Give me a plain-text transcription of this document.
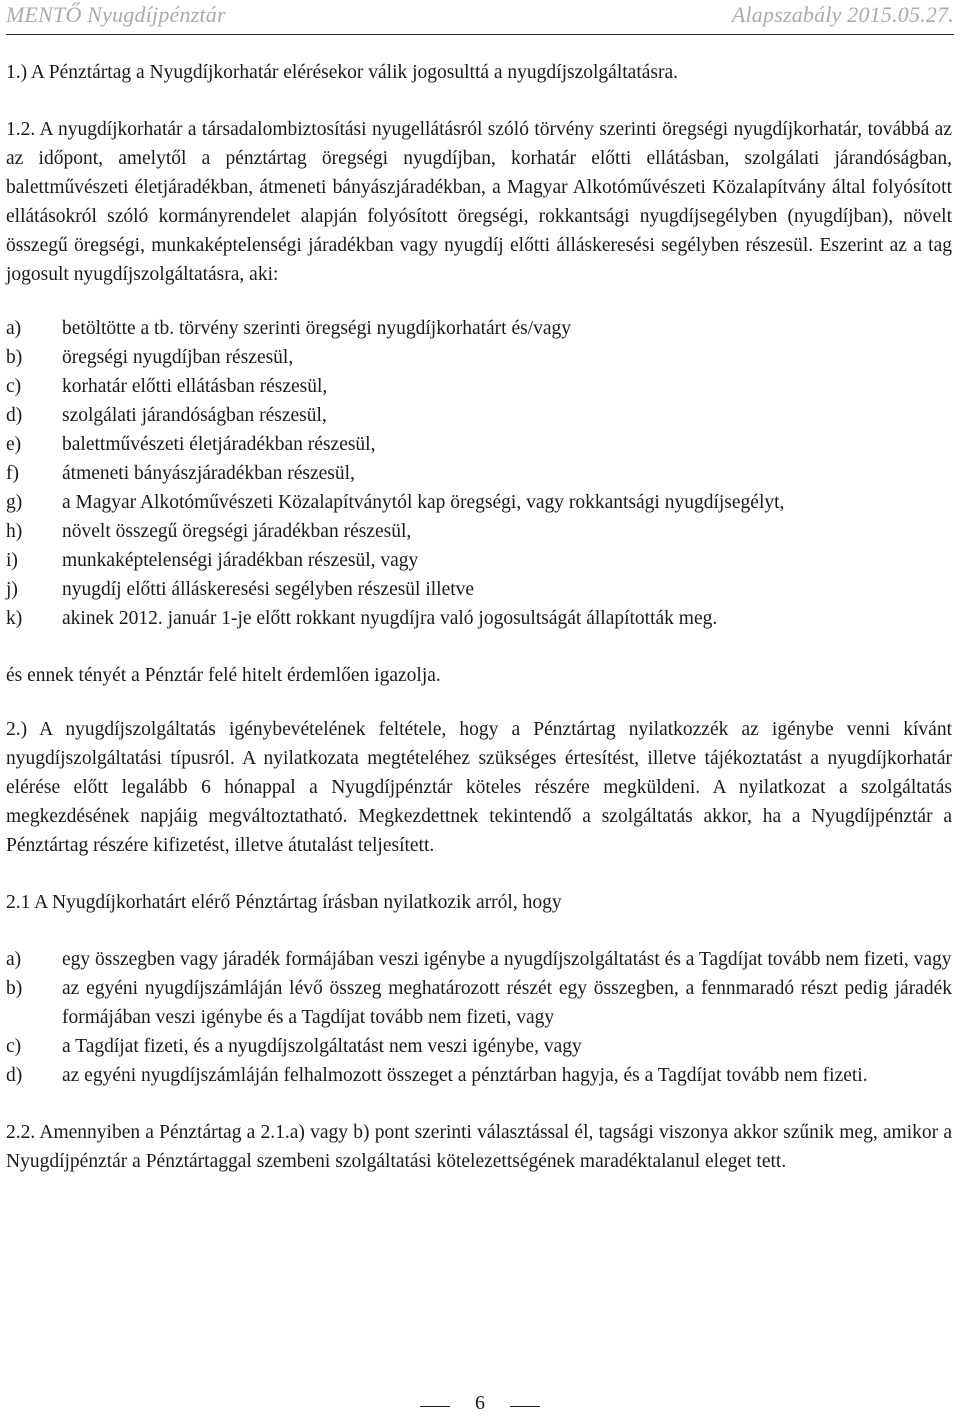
MENTŐ Nyugdíjpénztár	Alapszabály 2015.05.27.

1.) A Pénztártag a Nyugdíjkorhatár elérésekor válik jogosulttá a nyugdíjszolgáltatásra.

1.2. A nyugdíjkorhatár a társadalombiztosítási nyugellátásról szóló törvény szerinti öregségi nyugdíjkorhatár, továbbá az az időpont, amelytől a pénztártag öregségi nyugdíjban, korhatár előtti ellátásban, szolgálati járandóságban, balettművészeti életjáradékban, átmeneti bányászjáradékban, a Magyar Alkotóművészeti Közalapítvány által folyósított ellátásokról szóló kormányrendelet alapján folyósított öregségi, rokkantsági nyugdíjsegélyben (nyugdíjban), növelt összegű öregségi, munkaképtelenségi járadékban vagy nyugdíj előtti álláskeresési segélyben részesül. Eszerint az a tag jogosult nyugdíjszolgáltatásra, aki:

a)	betöltötte a tb. törvény szerinti öregségi nyugdíjkorhatárt és/vagy
b)	öregségi nyugdíjban részesül,
c)	korhatár előtti ellátásban részesül,
d)	szolgálati járandóságban részesül,
e)	balettművészeti életjáradékban részesül,
f)	átmeneti bányászjáradékban részesül,
g)	a Magyar Alkotóművészeti Közalapítványtól kap öregségi, vagy rokkantsági nyugdíjsegélyt,
h)	növelt összegű öregségi járadékban részesül,
i)	munkaképtelenségi járadékban részesül, vagy
j)	nyugdíj előtti álláskeresési segélyben részesül illetve
k)	akinek 2012. január 1-je előtt rokkant nyugdíjra való jogosultságát állapították meg.

és ennek tényét a Pénztár felé hitelt érdemlően igazolja.

2.) A nyugdíjszolgáltatás igénybevételének feltétele, hogy a Pénztártag nyilatkozzék az igénybe venni kívánt nyugdíjszolgáltatási típusról. A nyilatkozata megtételéhez szükséges értesítést, illetve tájékoztatást a nyugdíjkorhatár elérése előtt legalább 6 hónappal a Nyugdíjpénztár köteles részére megküldeni. A nyilatkozat a szolgáltatás megkezdésének napjáig megváltoztatható. Megkezdettnek tekintendő a szolgáltatás akkor, ha a Nyugdíjpénztár a Pénztártag részére kifizetést, illetve átutalást teljesített.

2.1 A Nyugdíjkorhatárt elérő Pénztártag írásban nyilatkozik arról, hogy

a)	egy összegben vagy járadék formájában veszi igénybe a nyugdíjszolgáltatást és a Tagdíjat tovább nem fizeti, vagy
b)	az egyéni nyugdíjszámláján lévő összeg meghatározott részét egy összegben, a fennmaradó részt pedig járadék formájában veszi igénybe és a Tagdíjat tovább nem fizeti, vagy
c)	a Tagdíjat fizeti, és a nyugdíjszolgáltatást nem veszi igénybe, vagy
d)	az egyéni nyugdíjszámláján felhalmozott összeget a pénztárban hagyja, és a Tagdíjat tovább nem fizeti.

2.2. Amennyiben a Pénztártag a 2.1.a) vagy b) pont szerinti választással él, tagsági viszonya akkor szűnik meg, amikor a Nyugdíjpénztár a Pénztártaggal szembeni szolgáltatási kötelezettségének maradéktalanul eleget tett.

6
